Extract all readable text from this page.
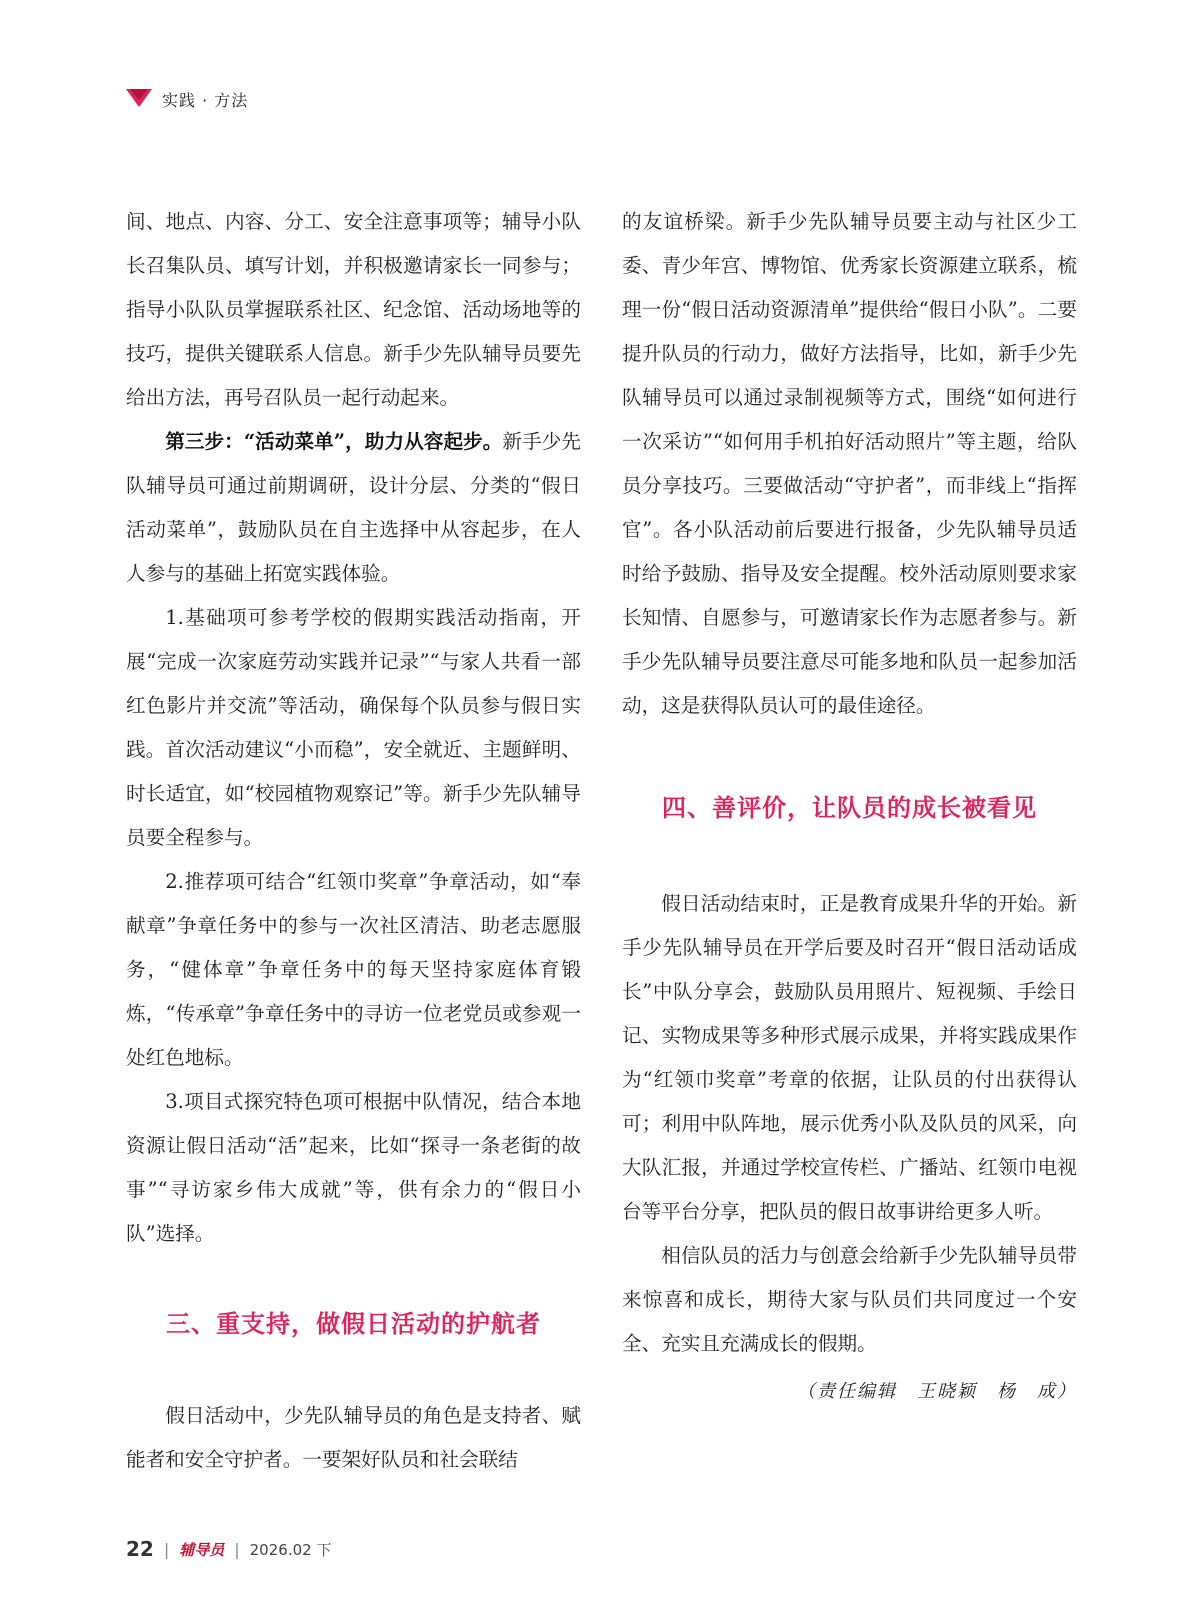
实践 · 方法

间、地点、内容、分工、安全注意事项等；辅导小队长召集队员、填写计划，并积极邀请家长一同参与；指导小队队员掌握联系社区、纪念馆、活动场地等的技巧，提供关键联系人信息。新手少先队辅导员要先给出方法，再号召队员一起行动起来。

第三步：“活动菜单”，助力从容起步。新手少先队辅导员可通过前期调研，设计分层、分类的“假日活动菜单”，鼓励队员在自主选择中从容起步，在人人参与的基础上拓宽实践体验。

1.基础项可参考学校的假期实践活动指南，开展“完成一次家庭劳动实践并记录”“与家人共看一部红色影片并交流”等活动，确保每个队员参与假日实践。首次活动建议“小而稳”，安全就近、主题鲜明、时长适宜，如“校园植物观察记”等。新手少先队辅导员要全程参与。

2.推荐项可结合“红领巾奖章”争章活动，如“奉献章”争章任务中的参与一次社区清洁、助老志愿服务，“健体章”争章任务中的每天坚持家庭体育锻炼，“传承章”争章任务中的寻访一位老党员或参观一处红色地标。

3.项目式探究特色项可根据中队情况，结合本地资源让假日活动“活”起来，比如“探寻一条老街的故事”“寻访家乡伟大成就”等，供有余力的“假日小队”选择。

三、重支持，做假日活动的护航者

假日活动中，少先队辅导员的角色是支持者、赋能者和安全守护者。一要架好队员和社会联结

的友谊桥梁。新手少先队辅导员要主动与社区少工委、青少年宫、博物馆、优秀家长资源建立联系，梳理一份“假日活动资源清单”提供给“假日小队”。二要提升队员的行动力，做好方法指导，比如，新手少先队辅导员可以通过录制视频等方式，围绕“如何进行一次采访”“如何用手机拍好活动照片”等主题，给队员分享技巧。三要做活动“守护者”，而非线上“指挥官”。各小队活动前后要进行报备，少先队辅导员适时给予鼓励、指导及安全提醒。校外活动原则要求家长知情、自愿参与，可邀请家长作为志愿者参与。新手少先队辅导员要注意尽可能多地和队员一起参加活动，这是获得队员认可的最佳途径。

四、善评价，让队员的成长被看见

假日活动结束时，正是教育成果升华的开始。新手少先队辅导员在开学后要及时召开“假日活动话成长”中队分享会，鼓励队员用照片、短视频、手绘日记、实物成果等多种形式展示成果，并将实践成果作为“红领巾奖章”考章的依据，让队员的付出获得认可；利用中队阵地，展示优秀小队及队员的风采，向大队汇报，并通过学校宣传栏、广播站、红领巾电视台等平台分享，把队员的假日故事讲给更多人听。

相信队员的活力与创意会给新手少先队辅导员带来惊喜和成长，期待大家与队员们共同度过一个安全、充实且充满成长的假期。

（责任编辑　王晓颖　杨　成）
22 | 辅导员 | 2026.02 下
